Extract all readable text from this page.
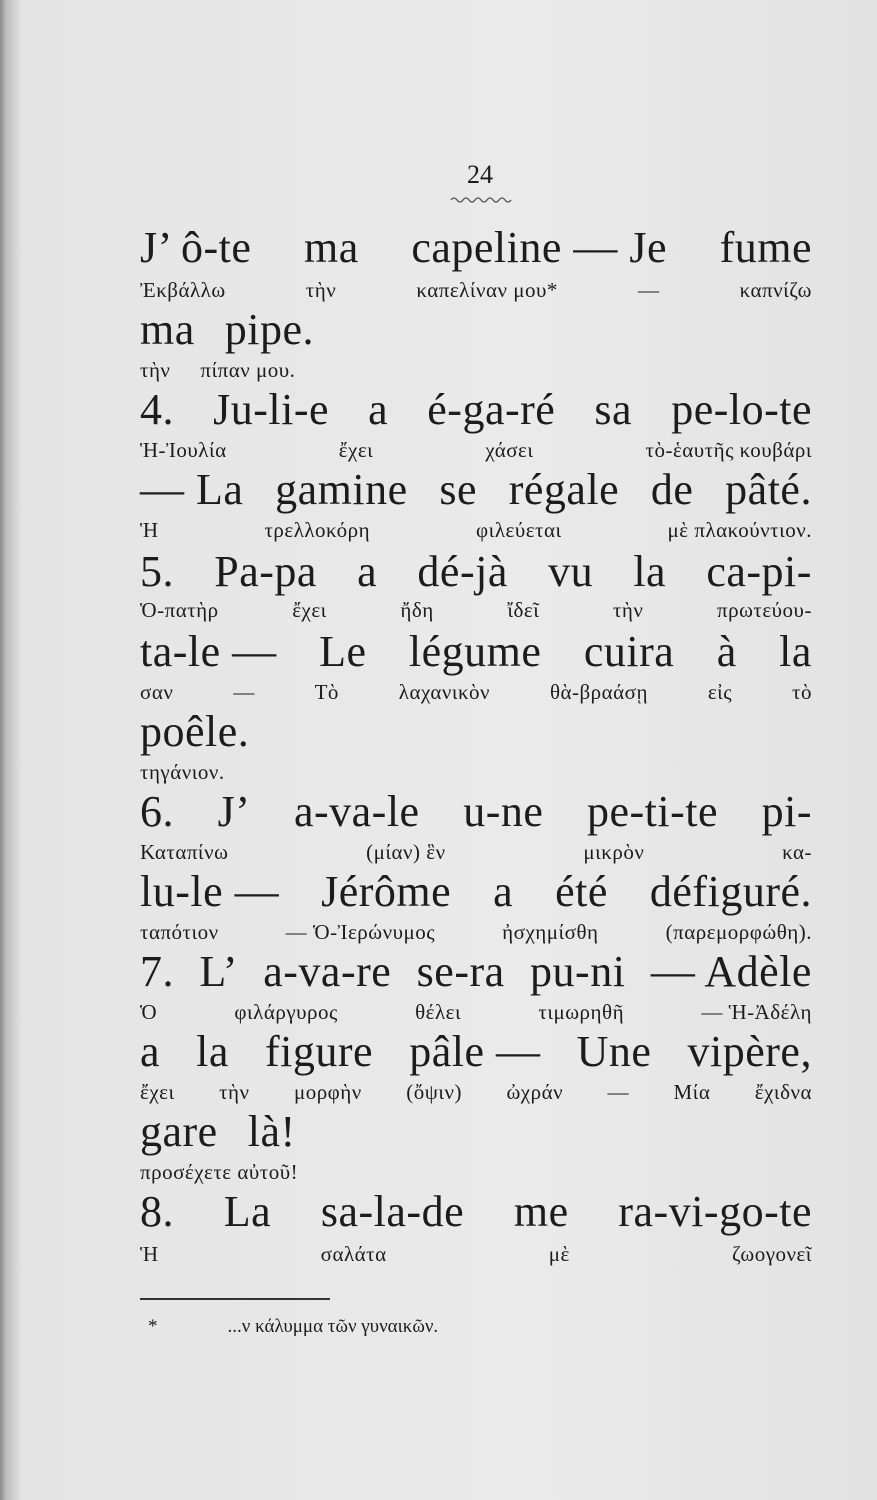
24
J’ ô-te ma capeline — Je fume
Ἐκβάλλω	τὴν	καπελίναν μου*	—	καπνίζω
ma pipe.
τὴν πίπαν μου.
4. Ju-li-e a é-ga-ré sa pe-lo-te
Ἡ-Ἰουλία	ἔχει	χάσει	τὸ-ἑαυτῆς κουβάρι
— La gamine se régale de pâté.
Ἡ	τρελλοκόρη	φιλεύεται	μὲ πλακούντιον.
5. Pa-pa a dé-jà vu la ca-pi-
Ὁ-πατὴρ	ἔχει	ἤδη	ἴδεῖ	τὴν	πρωτεύου-
ta-le — Le légume cuira à la
σαν	—	Τὸ	λαχανικὸν	θὰ-βραάσῃ	εἰς	τὸ
poêle.
τηγάνιον.
6. J’ a-va-le u-ne pe-ti-te pi-
Καταπίνω	(μίαν) ἓν	μικρὸν	κα-
lu-le — Jérôme a été défiguré.
ταπότιον	— Ὁ-Ἰερώνυμος	ἠσχημίσθη	(παρεμορφώθη).
7. L’ a-va-re se-ra pu-ni — Adèle
Ὁ	φιλάργυρος	θέλει	τιμωρηθῆ	— Ἡ-Ἀδέλη
a la figure pâle — Une vipère,
ἔχει τὴν μορφὴν (ὄψιν) ὠχράν — Μία ἔχιδνα
gare là!
προσέχετε αὐτοῦ!
8. La sa-la-de me ra-vi-go-te
Ἡ	σαλάτα	μὲ	ζωογονεῖ
*	...ν κάλυμμα τῶν γυναικῶν.
